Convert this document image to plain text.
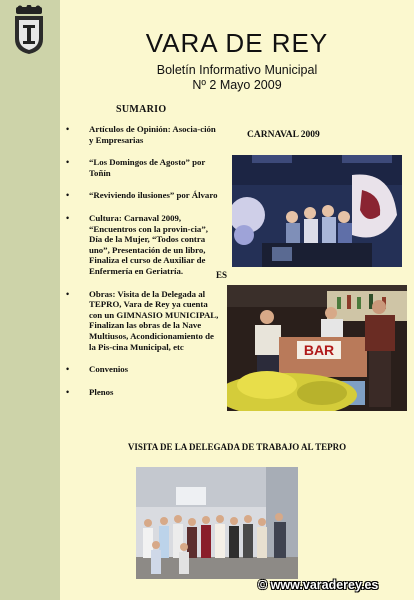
VARA DE REY
Boletín Informativo Municipal
Nº 2 Mayo 2009
SUMARIO
• Artículos de Opinión: Asocia-ción y Empresarias
• “Los Domingos de Agosto” por Toñín
• “Reviviendo ilusiones” por Álvaro
• Cultura: Carnaval 2009, “Encuentros con la provin-cia”, Día de la Mujer, “Todos contra uno”, Presentación de un libro, Finaliza el curso de Auxiliar de Enfermería en Geriatría.
• Obras: Visita de la Delegada al TEPRO, Vara de Rey ya cuenta con un GIMNASIO MUNICIPAL, Finalizan las obras de la Nave Multiusos, Acondicionamiento de la Pis-cina Municipal, etc
• Convenios
• Plenos
CARNAVAL 2009
ES
BAR
VISITA DE LA DELEGADA DE TRABAJO AL TEPRO
© www.varaderey.es
